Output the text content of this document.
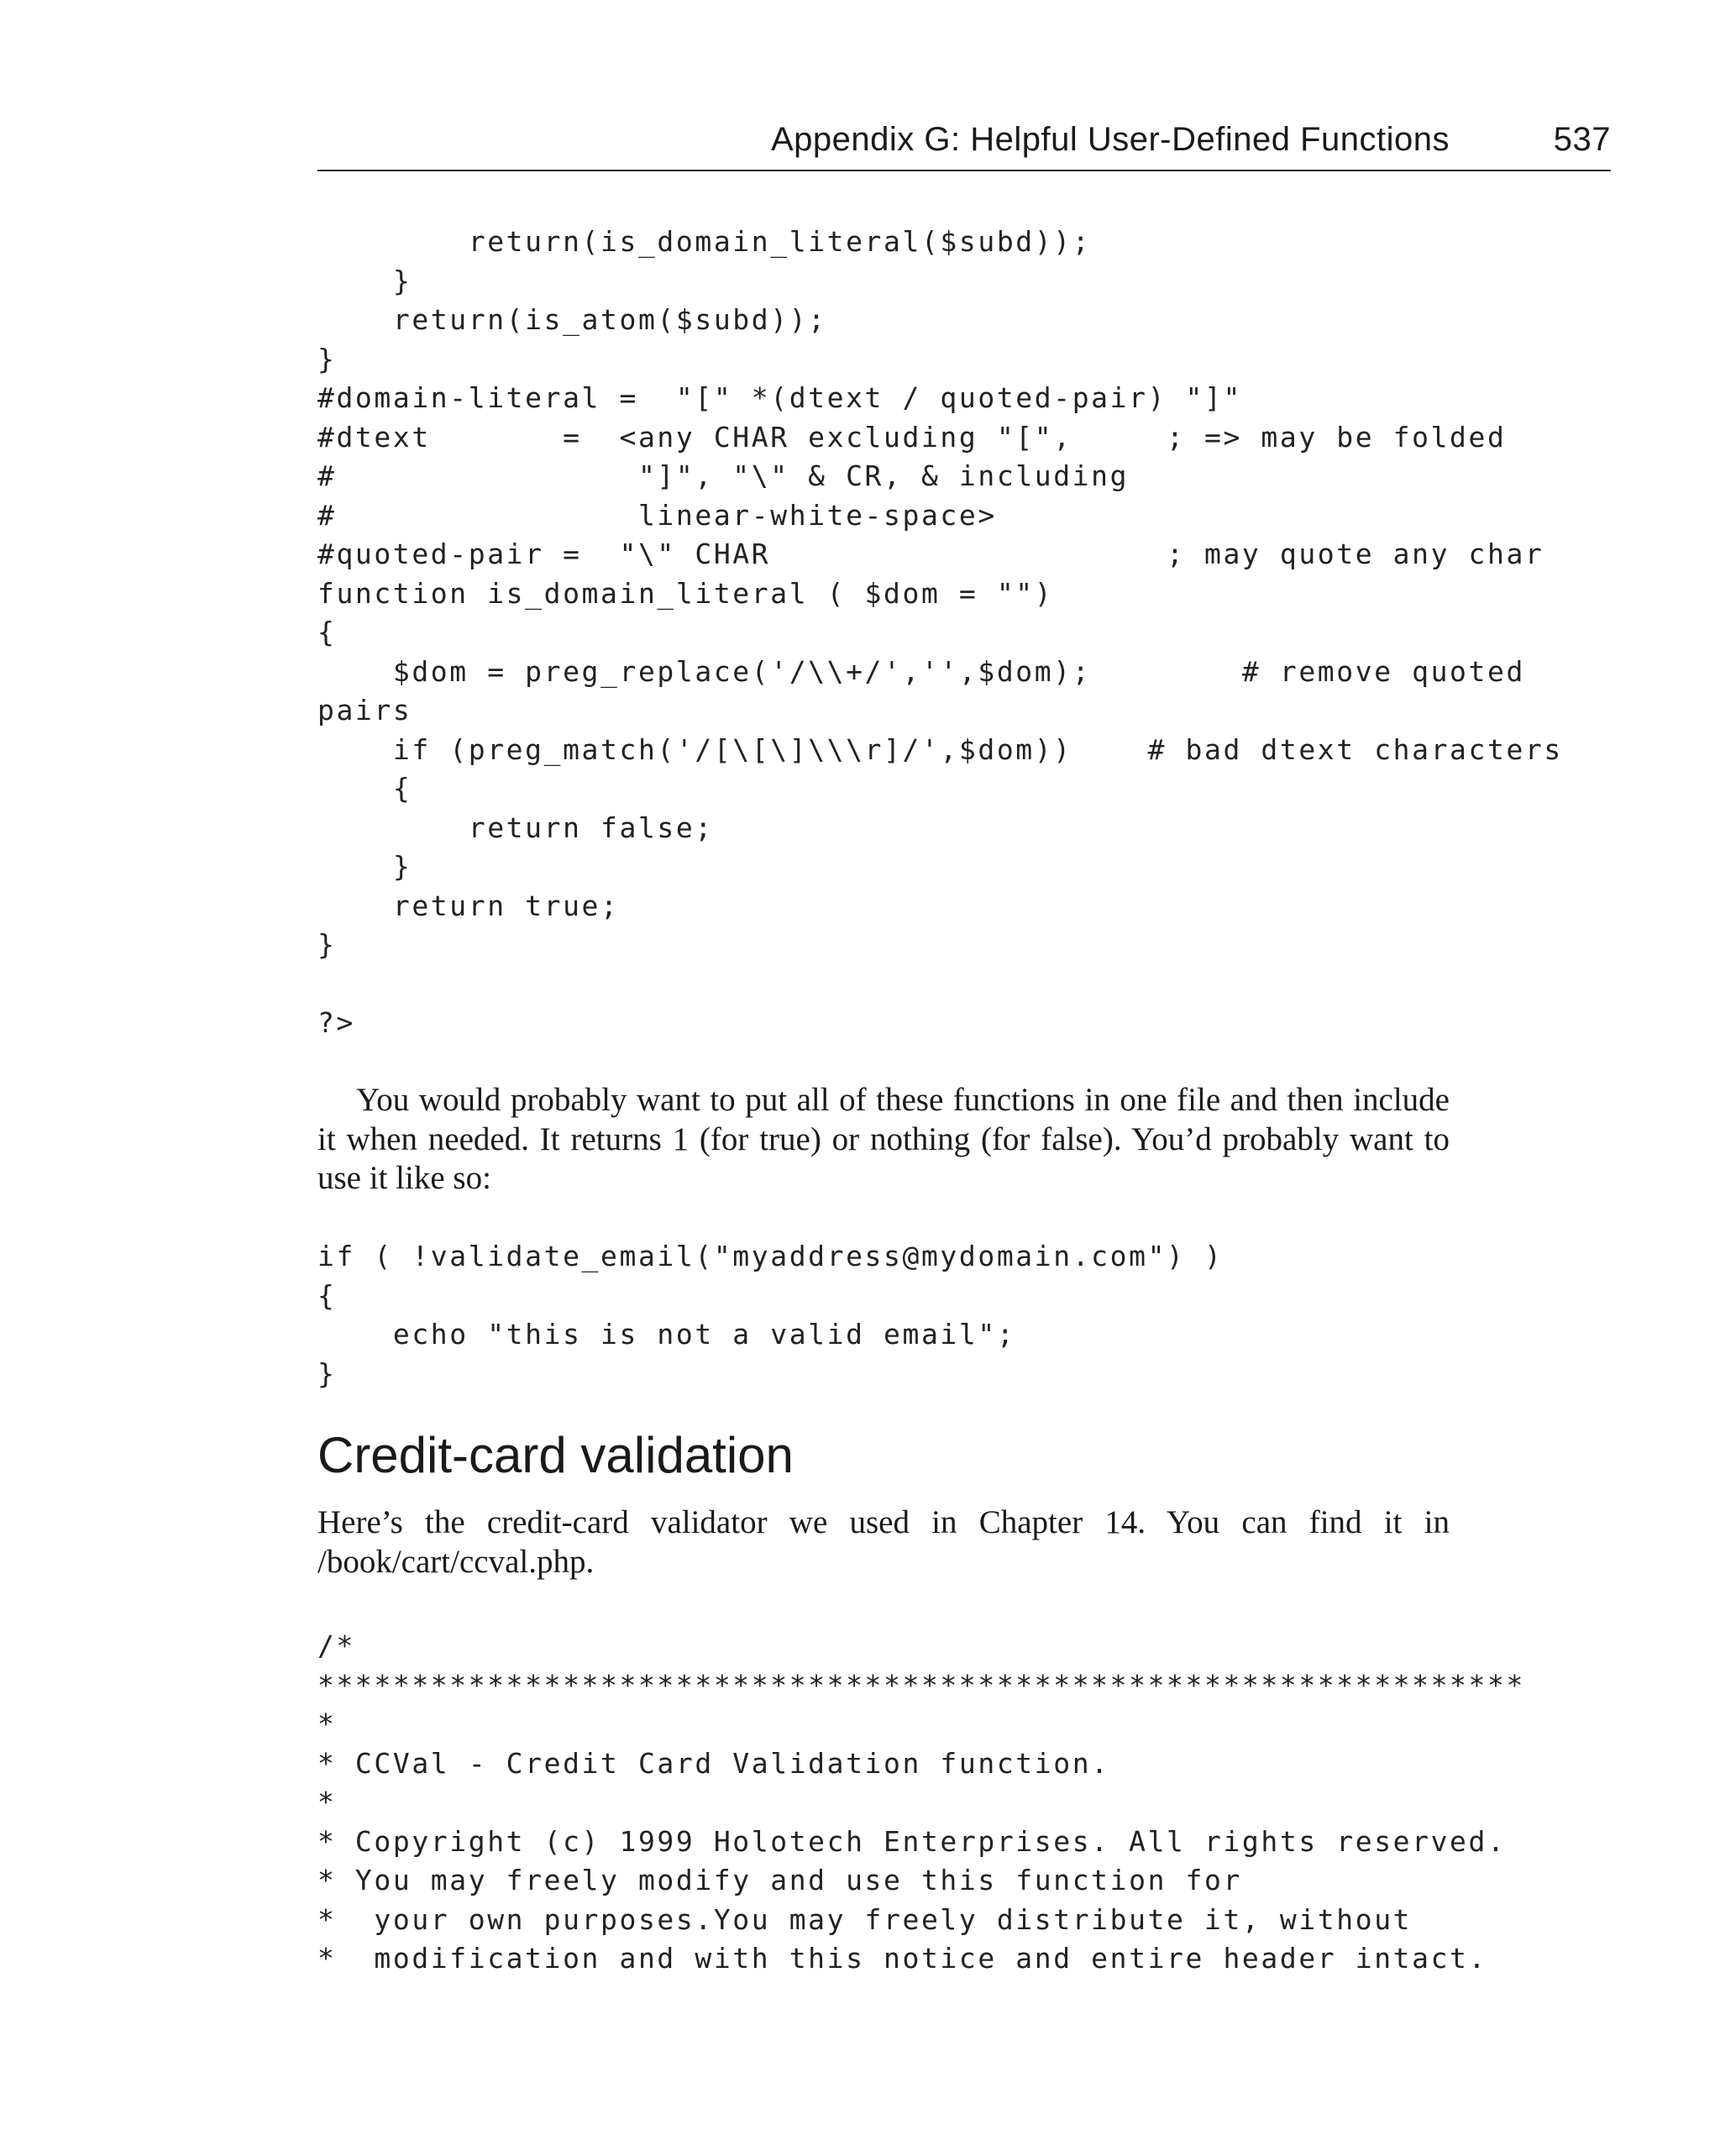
Appendix G: Helpful User-Defined Functions	537
return(is_domain_literal($subd));
}
return(is_atom($subd));
}
#domain-literal =  "[" *(dtext / quoted-pair) "]"
#dtext       =  <any CHAR excluding "[",     ; => may be folded
#                "]", "\" & CR, & including
#                linear-white-space>
#quoted-pair =  "\" CHAR                     ; may quote any char
function is_domain_literal ( $dom = "")
{
$dom = preg_replace('/\\+/','',$dom);        # remove quoted
pairs
if (preg_match('/[\[\]\\\r]/',$dom))    # bad dtext characters
{
return false;
}
return true;
}
?>

You would probably want to put all of these functions in one file and then include it when needed. It returns 1 (for true) or nothing (for false). You’d probably want to use it like so:

if ( !validate_email("myaddress@mydomain.com") )
{
echo "this is not a valid email";
}
Credit-card validation

Here’s the credit-card validator we used in Chapter 14. You can find it in /book/cart/ccval.php.

/*
****************************************************************
*
* CCVal - Credit Card Validation function.
*
* Copyright (c) 1999 Holotech Enterprises. All rights reserved.
* You may freely modify and use this function for
*  your own purposes.You may freely distribute it, without
*  modification and with this notice and entire header intact.
